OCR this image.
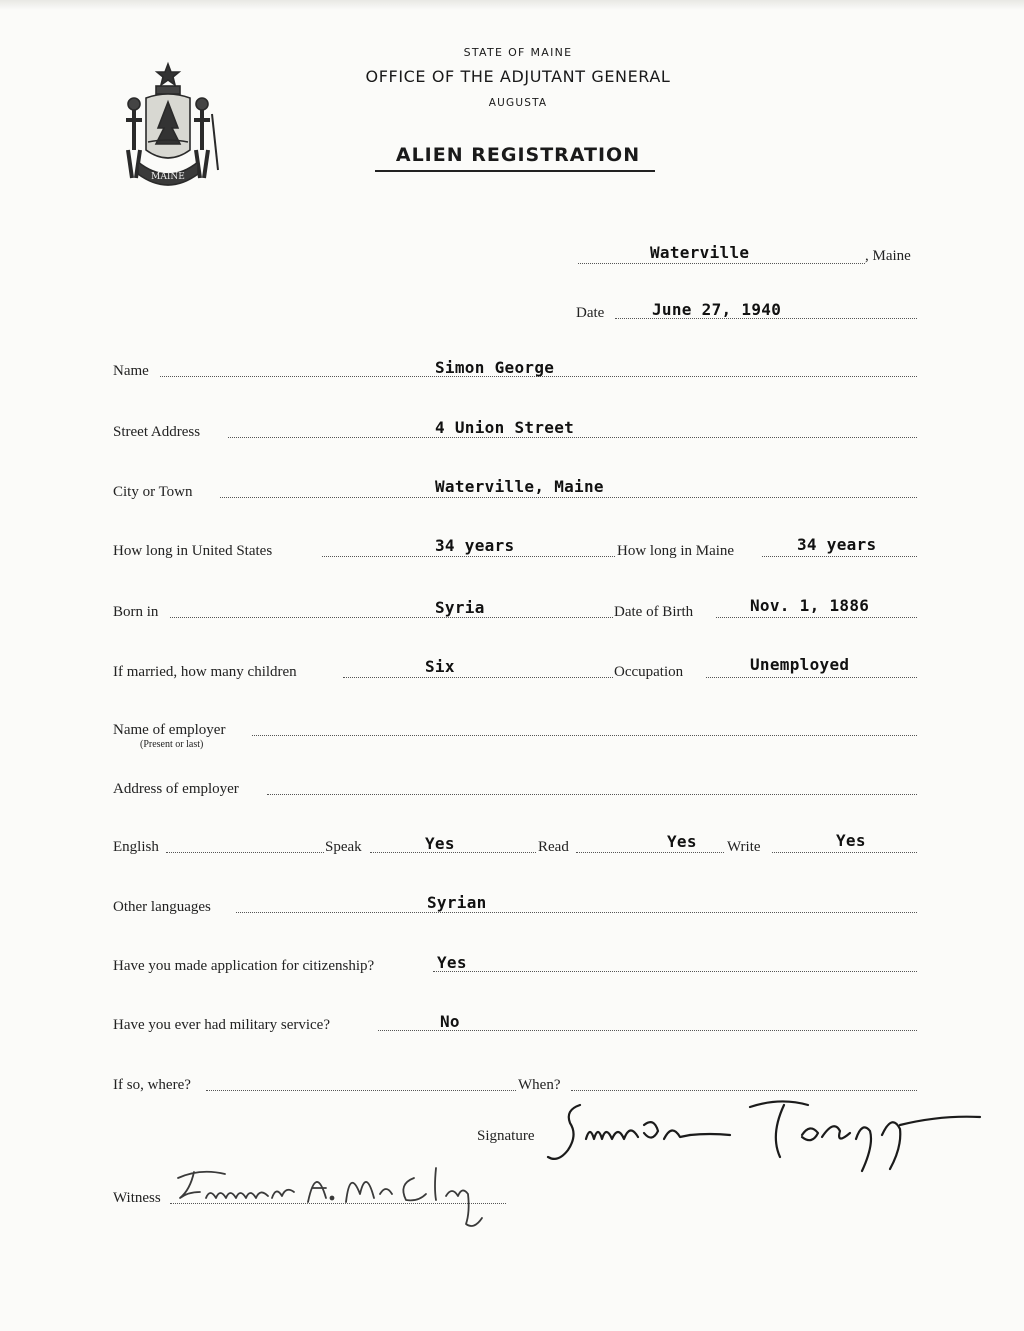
STATE OF MAINE
OFFICE OF THE ADJUTANT GENERAL
AUGUSTA
ALIEN REGISTRATION
MAINE
Waterville	, Maine
Date	June 27, 1940
Name	Simon George
Street Address	4 Union Street
City or Town	Waterville, Maine
How long in United States	34 years	How long in Maine	34 years
Born in	Syria	Date of Birth	Nov. 1, 1886
If married, how many children	Six	Occupation	Unemployed
Name of employer
(Present or last)
Address of employer
English	Speak	Yes	Read	Yes Write	Yes
Other languages	Syrian
Have you made application for citizenship?	Yes
Have you ever had military service?	No
If so, where?	When?
Signature
Witness
